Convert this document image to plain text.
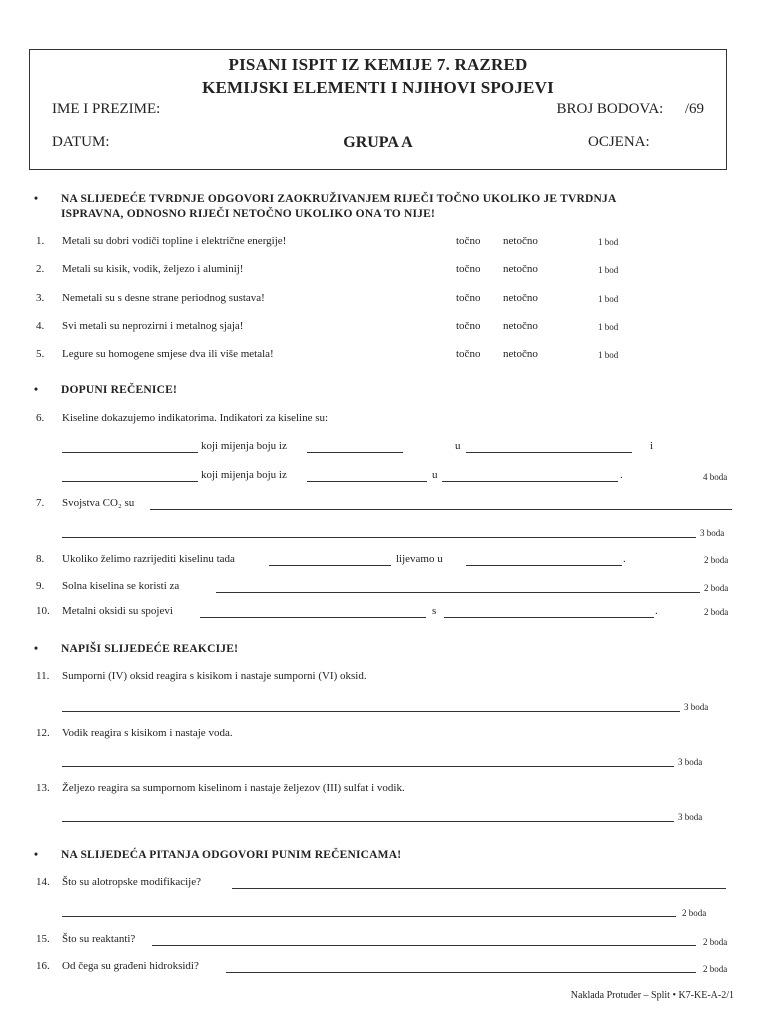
PISANI ISPIT IZ KEMIJE 7. RAZRED
KEMIJSKI ELEMENTI I NJIHOVI SPOJEVI
IME I PREZIME:	BROJ BODOVA: /69
DATUM:	GRUPA A	OCJENA:
• NA SLIJEDEĆE TVRDNJE ODGOVORI ZAOKRUŽIVANJEM RIJEČI TOČNO UKOLIKO JE TVRDNJA
ISPRAVNA, ODNOSNO RIJEČI NETOČNO UKOLIKO ONA TO NIJE!
1. Metali su dobri vodiči topline i električne energije!	točno netočno	1 bod
2. Metali su kisik, vodik, željezo i aluminij!	točno netočno	1 bod
3. Nemetali su s desne strane periodnog sustava!	točno netočno	1 bod
4. Svi metali su neprozirni i metalnog sjaja!	točno netočno	1 bod
5. Legure su homogene smjese dva ili više metala!	točno netočno	1 bod
• DOPUNI REČENICE!
6. Kiseline dokazujemo indikatorima. Indikatori za kiseline su:
koji mijenja boju iz	u	i
koji mijenja boju iz	u	.	4 boda
7. Svojstva CO₂ su
3 boda
8. Ukoliko želimo razrijediti kiselinu tada	lijevamo u	.	2 boda
9. Solna kiselina se koristi za	2 boda
10. Metalni oksidi su spojevi	s	.	2 boda
• NAPIŠI SLIJEDEĆE REAKCIJE!
11. Sumporni (IV) oksid reagira s kisikom i nastaje sumporni (VI) oksid.
3 boda
12. Vodik reagira s kisikom i nastaje voda.
3 boda
13. Željezo reagira sa sumpornom kiselinom i nastaje željezov (III) sulfat i vodik.
3 boda
• NA SLIJEDEĆA PITANJA ODGOVORI PUNIM REČENICAMA!
14. Što su alotropske modifikacije?
2 boda
15. Što su reaktanti?	2 boda
16. Od čega su građeni hidroksidi?	2 boda
Naklada Protuđer – Split • K7-KE-A-2/1
